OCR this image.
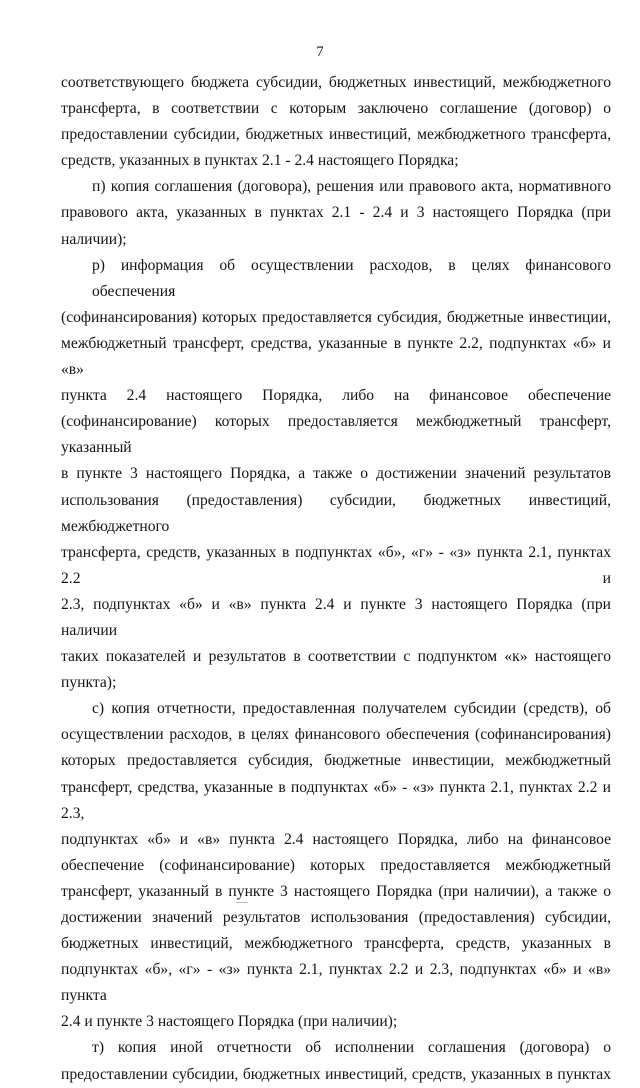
7
соответствующего бюджета субсидии, бюджетных инвестиций, межбюджетного
трансферта, в соответствии с которым заключено соглашение (договор) о
предоставлении субсидии, бюджетных инвестиций, межбюджетного трансферта,
средств, указанных в пунктах 2.1 - 2.4 настоящего Порядка;
п) копия соглашения (договора), решения или правового акта, нормативного
правового акта, указанных в пунктах 2.1 - 2.4 и 3 настоящего Порядка (при наличии);
р) информация об осуществлении расходов, в целях финансового обеспечения
(софинансирования) которых предоставляется субсидия, бюджетные инвестиции,
межбюджетный трансферт, средства, указанные в пункте 2.2, подпунктах «б» и «в»
пункта 2.4 настоящего Порядка, либо на финансовое обеспечение
(софинансирование) которых предоставляется межбюджетный трансферт, указанный
в пункте 3 настоящего Порядка, а также о достижении значений результатов
использования (предоставления) субсидии, бюджетных инвестиций, межбюджетного
трансферта, средств, указанных в подпунктах «б», «г» - «з» пункта 2.1, пунктах 2.2 и
2.3, подпунктах «б» и «в» пункта 2.4 и пункте 3 настоящего Порядка (при наличии
таких показателей и результатов в соответствии с подпунктом «к» настоящего
пункта);
с) копия отчетности, предоставленная получателем субсидии (средств), об
осуществлении расходов, в целях финансового обеспечения (софинансирования)
которых предоставляется субсидия, бюджетные инвестиции, межбюджетный
трансферт, средства, указанные в подпунктах «б» - «з» пункта 2.1, пунктах 2.2 и 2.3,
подпунктах «б» и «в» пункта 2.4 настоящего Порядка, либо на финансовое
обеспечение (софинансирование) которых предоставляется межбюджетный
трансферт, указанный в пункте 3 настоящего Порядка (при наличии), а также о
достижении значений результатов использования (предоставления) субсидии,
бюджетных инвестиций, межбюджетного трансферта, средств, указанных в
подпунктах «б», «г» - «з» пункта 2.1, пунктах 2.2 и 2.3, подпунктах «б» и «в» пункта
2.4 и пункте 3 настоящего Порядка (при наличии);
т) копия иной отчетности об исполнении соглашения (договора) о
предоставлении субсидии, бюджетных инвестиций, средств, указанных в пунктах
